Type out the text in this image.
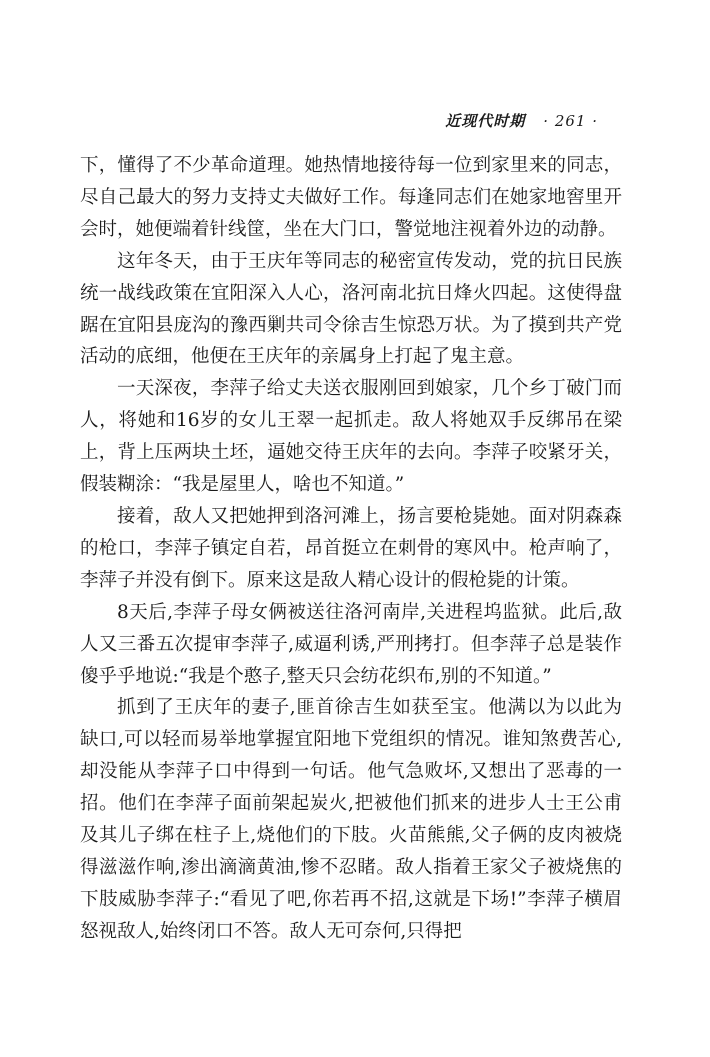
近现代时期 · 261 ·

下，懂得了不少革命道理。她热情地接待每一位到家里来的同志，尽自己最大的努力支持丈夫做好工作。每逢同志们在她家地窖里开会时，她便端着针线筐，坐在大门口，警觉地注视着外边的动静。

这年冬天，由于王庆年等同志的秘密宣传发动，党的抗日民族统一战线政策在宜阳深入人心，洛河南北抗日烽火四起。这使得盘踞在宜阳县庞沟的豫西剿共司令徐吉生惊恐万状。为了摸到共产党活动的底细，他便在王庆年的亲属身上打起了鬼主意。

一天深夜，李萍子给丈夫送衣服刚回到娘家，几个乡丁破门而人，将她和16岁的女儿王翠一起抓走。敌人将她双手反绑吊在梁上，背上压两块土坯，逼她交待王庆年的去向。李萍子咬紧牙关，假装糊涂：“我是屋里人，啥也不知道。”

接着，敌人又把她押到洛河滩上，扬言要枪毙她。面对阴森森的枪口，李萍子镇定自若，昂首挺立在刺骨的寒风中。枪声响了，李萍子并没有倒下。原来这是敌人精心设计的假枪毙的计策。

8天后,李萍子母女俩被送往洛河南岸,关进程坞监狱。此后,敌人又三番五次提审李萍子,威逼利诱,严刑拷打。但李萍子总是装作傻乎乎地说:“我是个憨子,整天只会纺花织布,别的不知道。”

抓到了王庆年的妻子,匪首徐吉生如获至宝。他满以为以此为缺口,可以轻而易举地掌握宜阳地下党组织的情况。谁知煞费苦心,却没能从李萍子口中得到一句话。他气急败坏,又想出了恶毒的一招。他们在李萍子面前架起炭火,把被他们抓来的进步人士王公甫及其儿子绑在柱子上,烧他们的下肢。火苗熊熊,父子俩的皮肉被烧得滋滋作响,渗出滴滴黄油,惨不忍睹。敌人指着王家父子被烧焦的下肢威胁李萍子:“看见了吧,你若再不招,这就是下场!”李萍子横眉怒视敌人,始终闭口不答。敌人无可奈何,只得把
